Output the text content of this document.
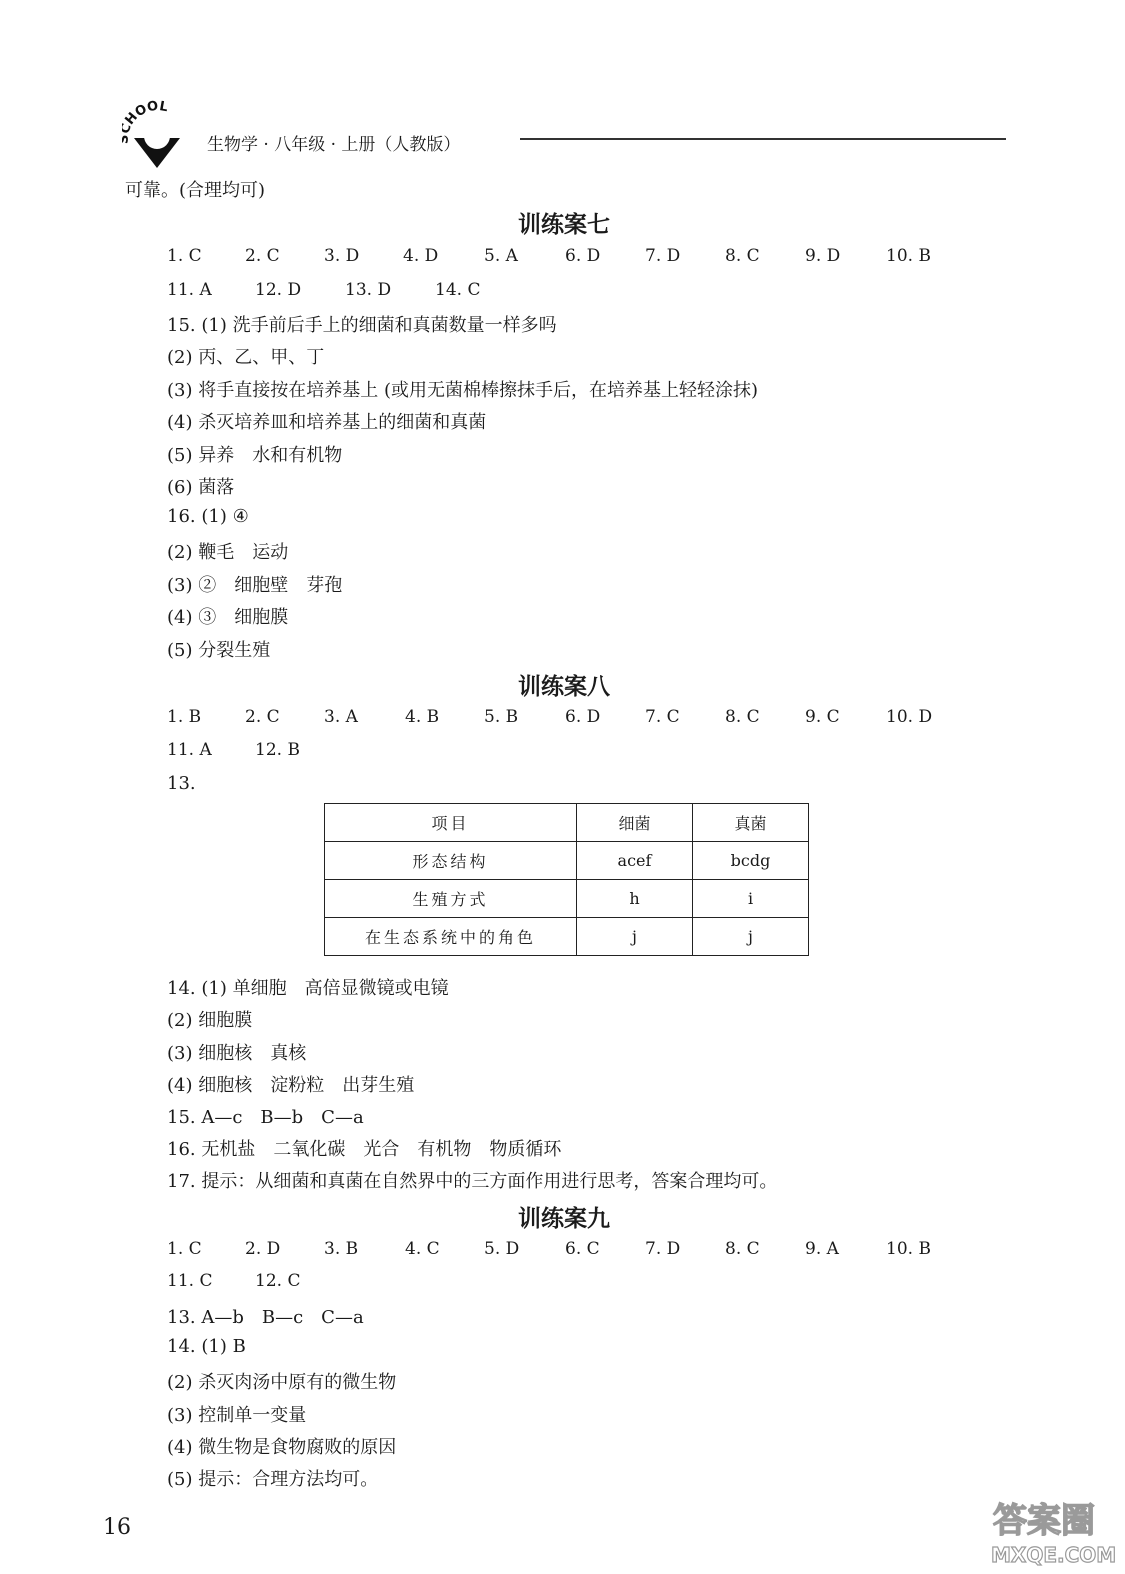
HOOL
生物学 · 八年级 · 上册（人教版）
可靠。(合理均可)
训练案七
1. C	2. C	3. D	4. D	5. A	6. D	7. D	8. C	9. D	10. B
11. A	12. D	13. D	14. C
15. (1) 洗手前后手上的细菌和真菌数量一样多吗
(2) 丙、乙、甲、丁
(3) 将手直接按在培养基上 (或用无菌棉棒擦抹手后，在培养基上轻轻涂抹)
(4) 杀灭培养皿和培养基上的细菌和真菌
(5) 异养　水和有机物
(6) 菌落
16. (1) ④
(2) 鞭毛　运动
(3) ②　细胞壁　芽孢
(4) ③　细胞膜
(5) 分裂生殖
训练案八
1. B	2. C	3. A	4. B	5. B	6. D	7. C	8. C	9. C	10. D
11. A	12. B
13.
项目	细菌	真菌
形态结构	acef	bcdg
生殖方式	h	i
在生态系统中的角色	j	j
14. (1) 单细胞　高倍显微镜或电镜
(2) 细胞膜
(3) 细胞核　真核
(4) 细胞核　淀粉粒　出芽生殖
15. A—c　B—b　C—a
16. 无机盐　二氧化碳　光合　有机物　物质循环
17. 提示：从细菌和真菌在自然界中的三方面作用进行思考，答案合理均可。
训练案九
1. C	2. D	3. B	4. C	5. D	6. C	7. D	8. C	9. A	10. B
11. C	12. C
13. A—b　B—c　C—a
14. (1) B
(2) 杀灭肉汤中原有的微生物
(3) 控制单一变量
(4) 微生物是食物腐败的原因
(5) 提示：合理方法均可。
16	答案圈
MXQE.COM
